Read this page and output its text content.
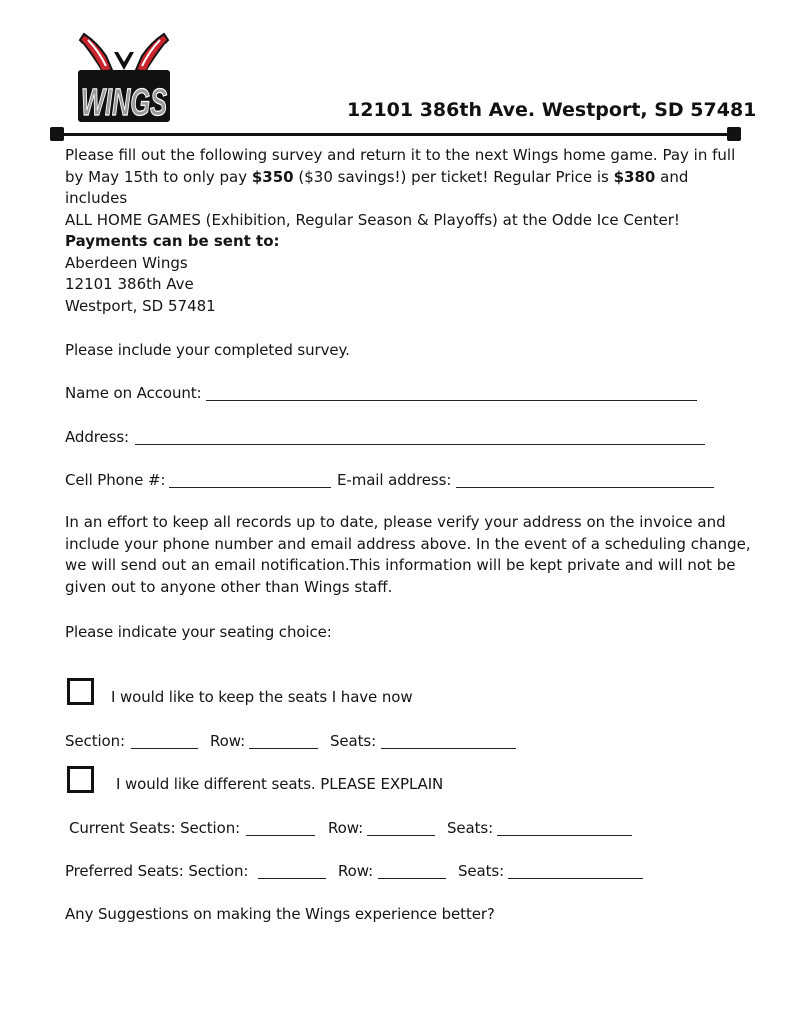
WINGS	12101 386th Ave. Westport, SD 57481
Please fill out the following survey and return it to the next Wings home game. Pay in full
by May 15th to only pay $350 ($30 savings!) per ticket! Regular Price is $380 and includes
ALL HOME GAMES (Exhibition, Regular Season & Playoffs) at the Odde Ice Center!
Payments can be sent to:
Aberdeen Wings
12101 386th Ave
Westport, SD 57481
Please include your completed survey.
Name on Account:
Address:
Cell Phone #:	E-mail address:
In an effort to keep all records up to date, please verify your address on the invoice and
include your phone number and email address above. In the event of a scheduling change,
we will send out an email notification.This information will be kept private and will not be
given out to anyone other than Wings staff.
Please indicate your seating choice:
I would like to keep the seats I have now
Section:	Row:	Seats:
I would like different seats. PLEASE EXPLAIN
Current Seats: Section:	Row:	Seats:
Preferred Seats: Section:	Row:	Seats:
Any Suggestions on making the Wings experience better?
